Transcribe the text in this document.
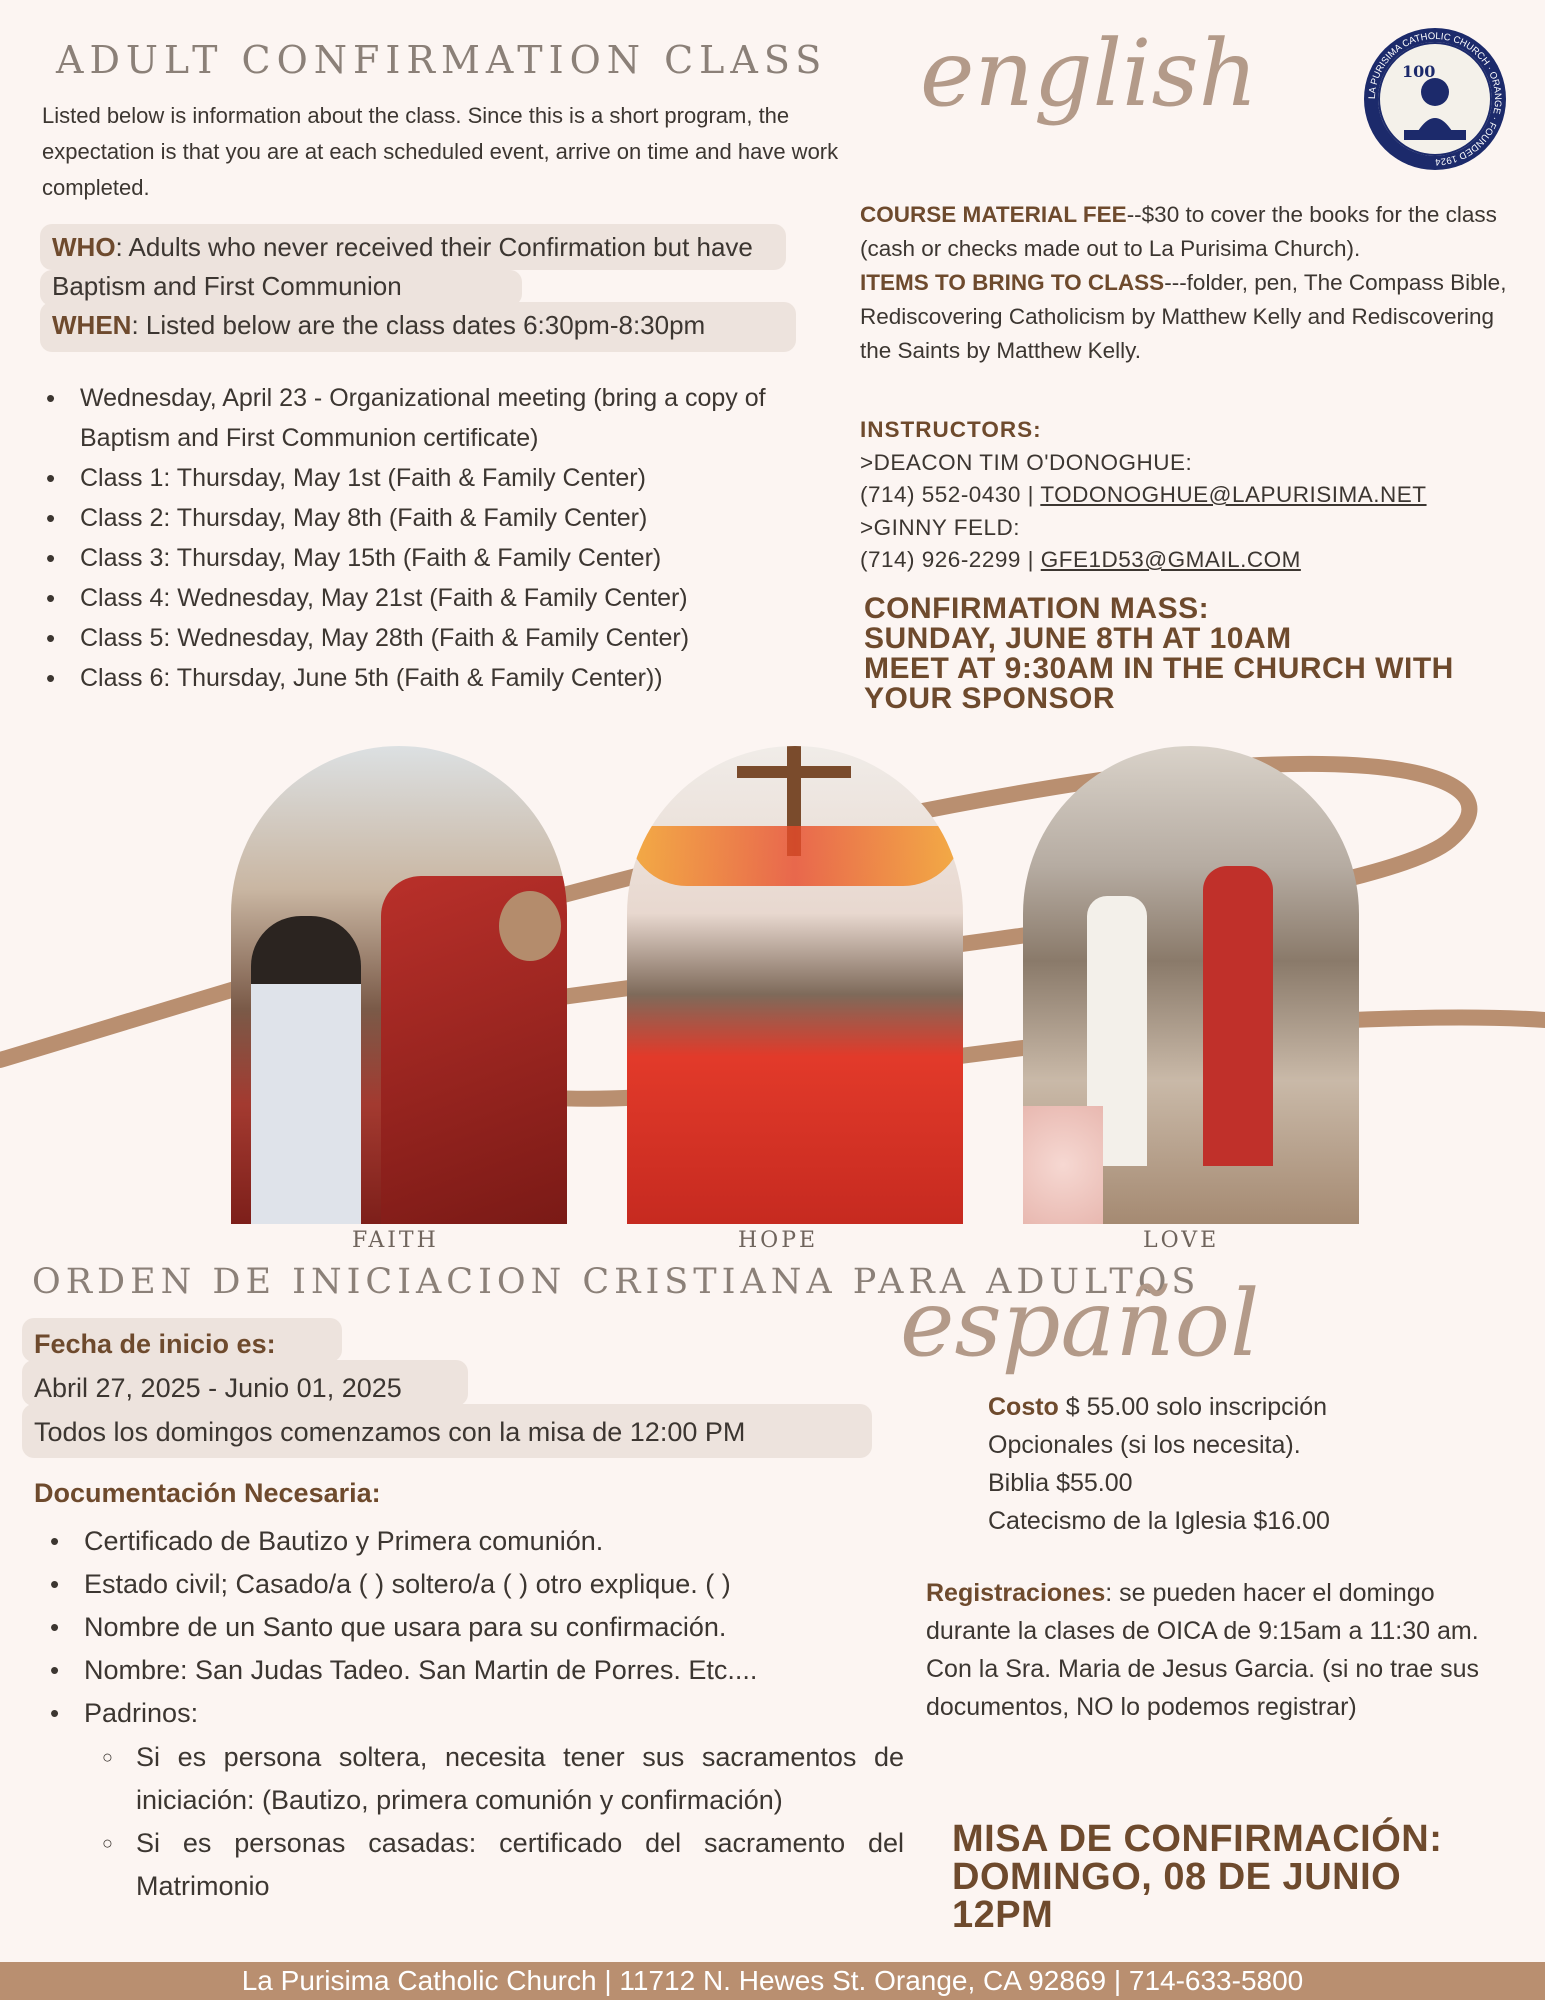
ADULT CONFIRMATION CLASS english	LA PURISIMA CATHOLIC CHURCH · ORANGE · FOUNDED 1924
100
Listed below is information about the class. Since this is a short program, the expectation is that you are at each scheduled event, arrive on time and have work completed.
WHO: Adults who never received their Confirmation but have Baptism and First Communion
WHEN: Listed below are the class dates 6:30pm-8:30pm
• Wednesday, April 23 - Organizational meeting (bring a copy of Baptism and First Communion certificate)
• Class 1: Thursday, May 1st (Faith & Family Center)
• Class 2: Thursday, May 8th (Faith & Family Center)
• Class 3: Thursday, May 15th (Faith & Family Center)
• Class 4: Wednesday, May 21st (Faith & Family Center)
• Class 5: Wednesday, May 28th (Faith & Family Center)
• Class 6: Thursday, June 5th (Faith & Family Center))
COURSE MATERIAL FEE--$30 to cover the books for the class (cash or checks made out to La Purisima Church).
ITEMS TO BRING TO CLASS---folder, pen, The Compass Bible, Rediscovering Catholicism by Matthew Kelly and Rediscovering the Saints by Matthew Kelly.
INSTRUCTORS:
>DEACON TIM O'DONOGHUE:
(714) 552-0430 | TODONOGHUE@LAPURISIMA.NET
>GINNY FELD:
(714) 926-2299 | GFE1D53@GMAIL.COM
CONFIRMATION MASS:
SUNDAY, JUNE 8TH AT 10AM
MEET AT 9:30AM IN THE CHURCH WITH YOUR SPONSOR
FAITH	HOPE	LOVE
ORDEN DE INICIACION CRISTIANA PARA ADULTOS
español
Fecha de inicio es:
Abril 27, 2025 - Junio 01, 2025
Todos los domingos comenzamos con la misa de 12:00 PM
Documentación Necesaria:
• Certificado de Bautizo y Primera comunión.
• Estado civil; Casado/a ( ) soltero/a ( ) otro explique. ( )
• Nombre de un Santo que usara para su confirmación.
• Nombre: San Judas Tadeo. San Martin de Porres. Etc....
• Padrinos:
○ Si es persona soltera, necesita tener sus sacramentos de iniciación: (Bautizo, primera comunión y confirmación)
○ Si es personas casadas: certificado del sacramento del Matrimonio
Costo $ 55.00 solo inscripción
Opcionales (si los necesita).
Biblia $55.00
Catecismo de la Iglesia $16.00
Registraciones: se pueden hacer el domingo durante la clases de OICA de 9:15am a 11:30 am. Con la Sra. Maria de Jesus Garcia. (si no trae sus documentos, NO lo podemos registrar)
MISA DE CONFIRMACIÓN:
DOMINGO, 08 DE JUNIO
12PM
La Purisima Catholic Church | 11712 N. Hewes St. Orange, CA 92869 | 714-633-5800
